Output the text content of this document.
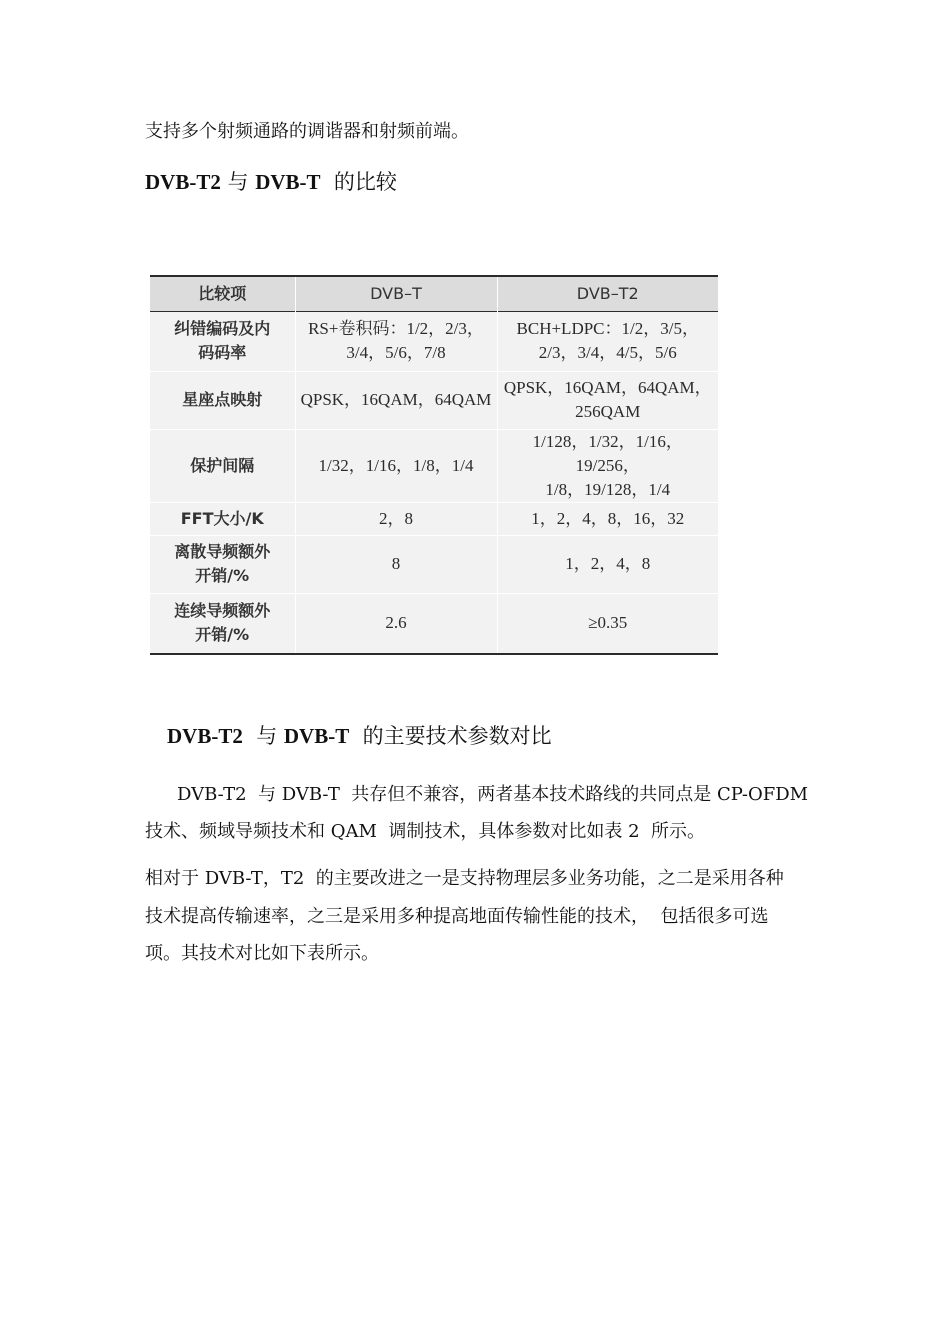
支持多个射频通路的调谐器和射频前端。
DVB-T2 与 DVB-T  的比较
比较项	DVB–T	DVB–T2

纠错编码及内
码码率	RS+卷积码：1/2，2/3，
3/4，5/6，7/8	BCH+LDPC：1/2，3/5，
2/3，3/4，4/5，5/6

星座点映射	QPSK，16QAM，64QAM	QPSK，16QAM，64QAM，
256QAM

保护间隔	1/32，1/16，1/8，1/4	1/128，1/32，1/16，19/256，
1/8，19/128，1/4

FFT大小/K	2，8	1，2，4，8，16，32

离散导频额外
开销/%	8	1，2，4，8

连续导频额外
开销/%	2.6	≥0.35
DVB-T2  与 DVB-T  的主要技术参数对比
DVB-T2  与 DVB-T  共存但不兼容，两者基本技术路线的共同点是 CP-OFDM
技术、频域导频技术和 QAM  调制技术，具体参数对比如表 2  所示。
相对于 DVB-T，T2  的主要改进之一是支持物理层多业务功能，之二是采用各种
技术提高传输速率，之三是采用多种提高地面传输性能的技术，  包括很多可选
项。其技术对比如下表所示。
